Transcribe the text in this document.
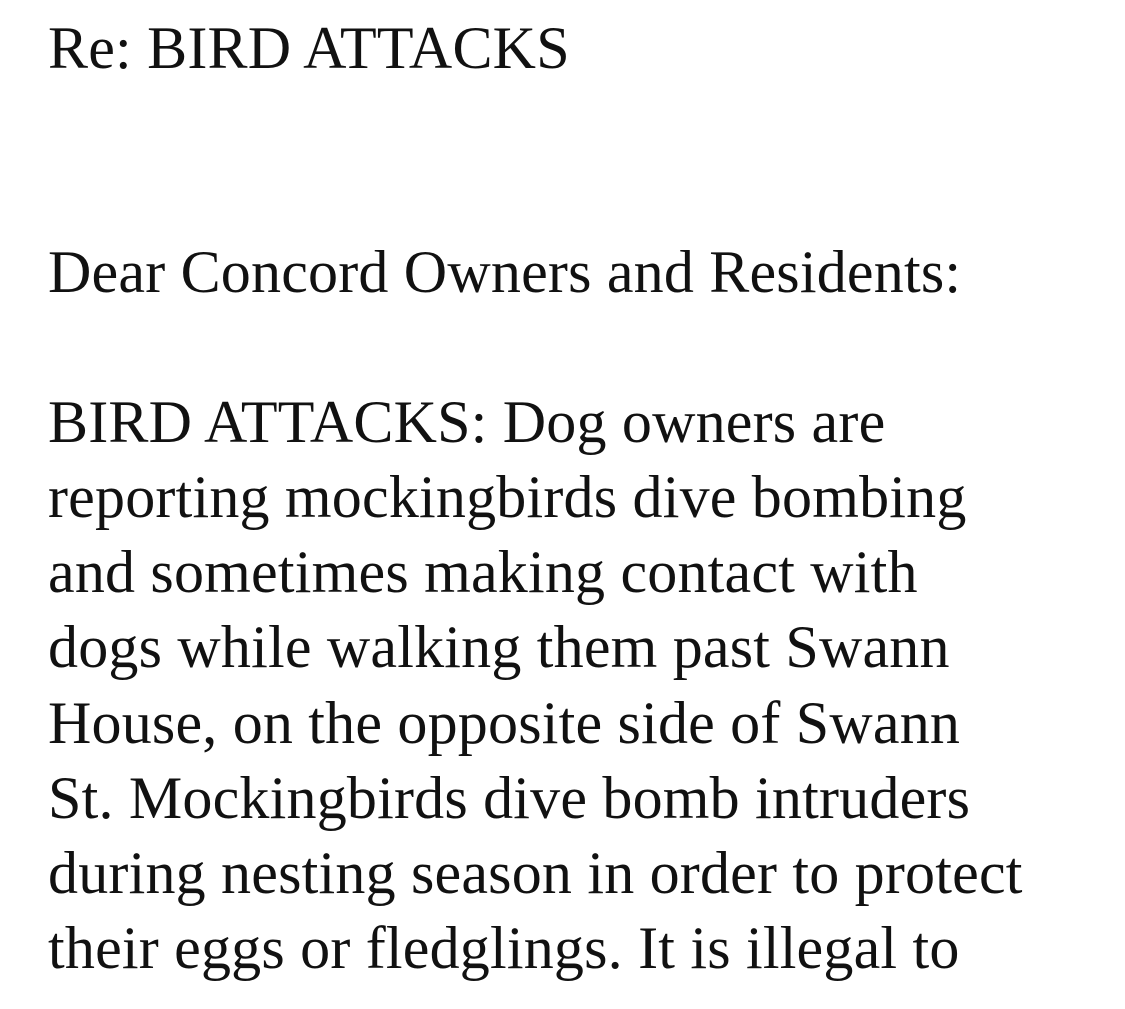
Re: BIRD ATTACKS

Dear Concord Owners and Residents:

BIRD ATTACKS: Dog owners are

reporting mockingbirds dive bombing

and sometimes making contact with

dogs while walking them past Swann

House, on the opposite side of Swann

St. Mockingbirds dive bomb intruders

during nesting season in order to protect

their eggs or fledglings. It is illegal to
